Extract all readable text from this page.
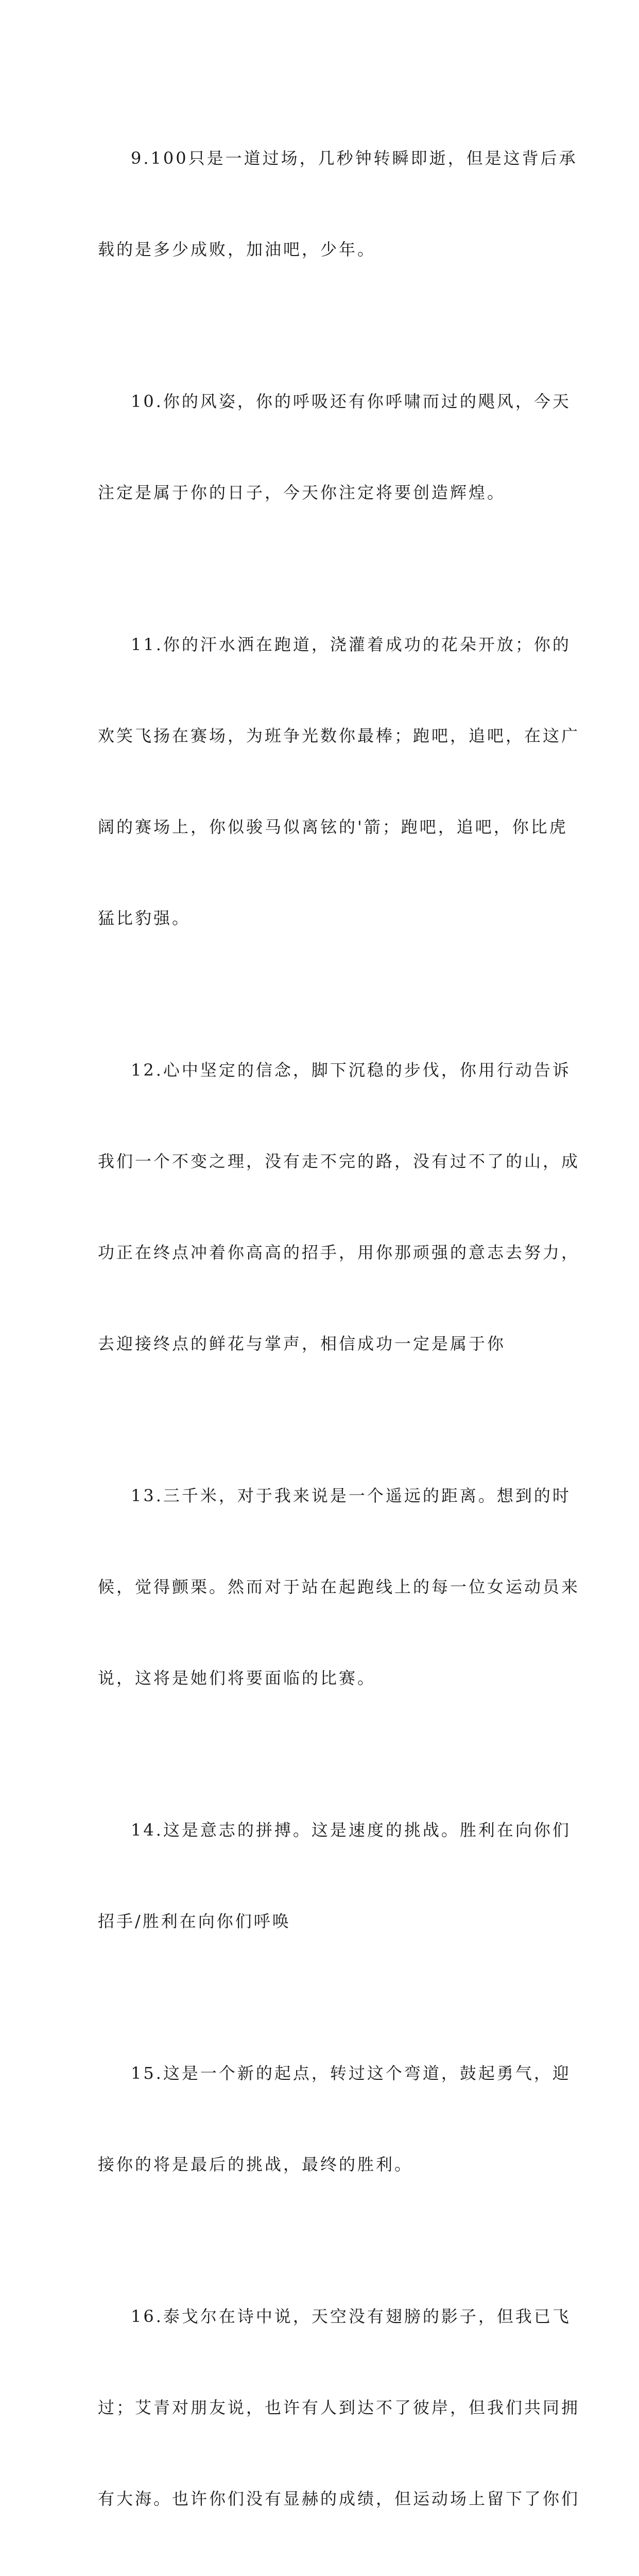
9.100只是一道过场，几秒钟转瞬即逝，但是这背后承

载的是多少成败，加油吧，少年。

10.你的风姿，你的呼吸还有你呼啸而过的飓风，今天

注定是属于你的日子，今天你注定将要创造辉煌。

11.你的汗水洒在跑道，浇灌着成功的花朵开放；你的

欢笑飞扬在赛场，为班争光数你最棒；跑吧，追吧，在这广

阔的赛场上，你似骏马似离铉的'箭；跑吧，追吧，你比虎

猛比豹强。

12.心中坚定的信念，脚下沉稳的步伐，你用行动告诉

我们一个不变之理，没有走不完的路，没有过不了的山，成

功正在终点冲着你高高的招手，用你那顽强的意志去努力，

去迎接终点的鲜花与掌声，相信成功一定是属于你

13.三千米，对于我来说是一个遥远的距离。想到的时

候，觉得颤栗。然而对于站在起跑线上的每一位女运动员来

说，这将是她们将要面临的比赛。

14.这是意志的拼搏。这是速度的挑战。胜利在向你们

招手/胜利在向你们呼唤

15.这是一个新的起点，转过这个弯道，鼓起勇气，迎

接你的将是最后的挑战，最终的胜利。

16.泰戈尔在诗中说，天空没有翅膀的影子，但我已飞

过；艾青对朋友说，也许有人到达不了彼岸，但我们共同拥

有大海。也许你们没有显赫的成绩，但运动场上留下了你们
